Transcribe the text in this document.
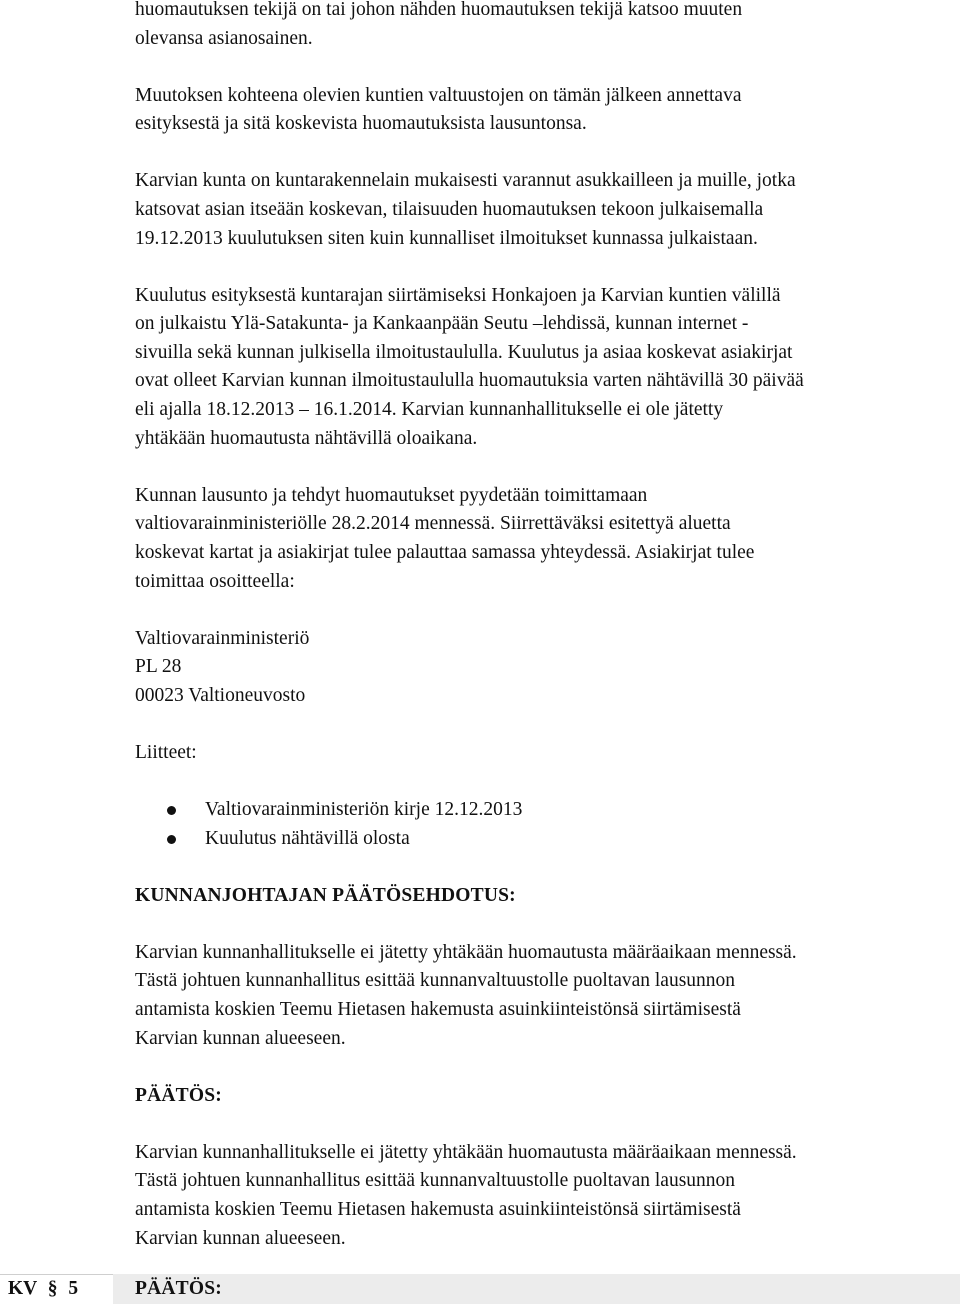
huomautuksen tekijä on tai johon nähden huomautuksen tekijä katsoo muuten
olevansa asianosainen.
Muutoksen kohteena olevien kuntien valtuustojen on tämän jälkeen annettava
esityksestä ja sitä koskevista huomautuksista lausuntonsa.
Karvian kunta on kuntarakennelain mukaisesti varannut asukkailleen ja muille, jotka
katsovat asian itseään koskevan, tilaisuuden huomautuksen tekoon julkaisemalla
19.12.2013 kuulutuksen siten kuin kunnalliset ilmoitukset kunnassa julkaistaan.
Kuulutus esityksestä kuntarajan siirtämiseksi Honkajoen ja Karvian kuntien välillä
on julkaistu Ylä-Satakunta- ja Kankaanpään Seutu –lehdissä, kunnan internet -
sivuilla sekä kunnan julkisella ilmoitustaululla. Kuulutus ja asiaa koskevat asiakirjat
ovat olleet Karvian kunnan ilmoitustaululla huomautuksia varten nähtävillä 30 päivää
eli ajalla 18.12.2013 – 16.1.2014. Karvian kunnanhallitukselle ei ole jätetty
yhtäkään huomautusta nähtävillä oloaikana.
Kunnan lausunto ja tehdyt huomautukset pyydetään toimittamaan
valtiovarainministeriölle 28.2.2014 mennessä. Siirrettäväksi esitettyä aluetta
koskevat kartat ja asiakirjat tulee palauttaa samassa yhteydessä. Asiakirjat tulee
toimittaa osoitteella:
Valtiovarainministeriö
PL 28
00023 Valtioneuvosto
Liitteet:
Valtiovarainministeriön kirje 12.12.2013
Kuulutus nähtävillä olosta
KUNNANJOHTAJAN PÄÄTÖSEHDOTUS:
Karvian kunnanhallitukselle ei jätetty yhtäkään huomautusta määräaikaan mennessä.
Tästä johtuen kunnanhallitus esittää kunnanvaltuustolle puoltavan lausunnon
antamista koskien Teemu Hietasen hakemusta asuinkiinteistönsä siirtämisestä
Karvian kunnan alueeseen.
PÄÄTÖS:
Karvian kunnanhallitukselle ei jätetty yhtäkään huomautusta määräaikaan mennessä.
Tästä johtuen kunnanhallitus esittää kunnanvaltuustolle puoltavan lausunnon
antamista koskien Teemu Hietasen hakemusta asuinkiinteistönsä siirtämisestä
Karvian kunnan alueeseen.
KV § 5	PÄÄTÖS:
